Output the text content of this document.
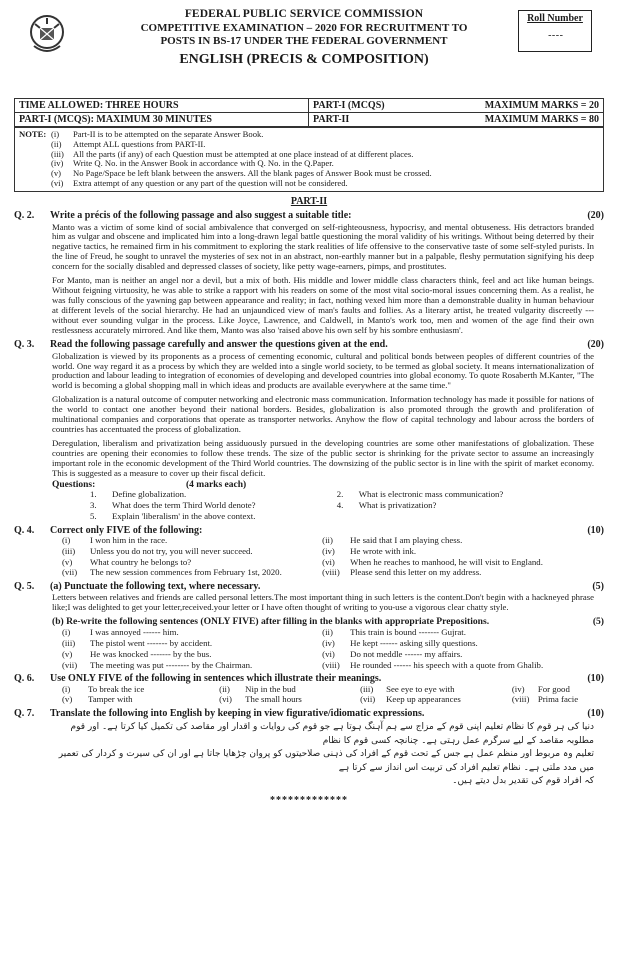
FEDERAL PUBLIC SERVICE COMMISSION
COMPETITIVE EXAMINATION – 2020 FOR RECRUITMENT TO
POSTS IN BS-17 UNDER THE FEDERAL GOVERNMENT
ENGLISH (PRECIS & COMPOSITION)
Roll Number
- - - -
TIME ALLOWED: THREE HOURS	PART-I (MCQS)	MAXIMUM MARKS = 20
PART-I (MCQS): MAXIMUM 30 MINUTES	PART-II	MAXIMUM MARKS = 80
NOTE: (i)	Part-II is to be attempted on the separate Answer Book.
(ii)	Attempt ALL questions from PART-II.
(iii)	All the parts (if any) of each Question must be attempted at one place instead of at different places.
(iv)	Write Q. No. in the Answer Book in accordance with Q. No. in the Q.Paper.
(v)	No Page/Space be left blank between the answers. All the blank pages of Answer Book must be crossed.
(vi)	Extra attempt of any question or any part of the question will not be considered.
PART-II
Q. 2.	Write a précis of the following passage and also suggest a suitable title:	(20)

Manto was a victim of some kind of social ambivalence that converged on self-righteousness, hypocrisy, and mental obtuseness. His detractors branded him as vulgar and obscene and implicated him into a long-drawn legal battle questioning the moral validity of his writings. Without being deterred by their negative tactics, he remained firm in his commitment to exploring the stark realities of life offensive to the conservative taste of some self-styled purists. In the line of Freud, he sought to unravel the mysteries of sex not in an abstract, non-earthly manner but in a palpable, fleshy permutation signifying his deep concern for the socially disabled and depressed classes of society, like petty wage-earners, pimps, and prostitutes.

For Manto, man is neither an angel nor a devil, but a mix of both. His middle and lower middle class characters think, feel and act like human beings. Without feigning virtuosity, he was able to strike a rapport with his readers on some of the most vital socio-moral issues concerning them. As a realist, he was fully conscious of the yawning gap between appearance and reality; in fact, nothing vexed him more than a demonstrable duality in human behaviour at different levels of the social hierarchy. He had an unjaundiced view of man's faults and follies. As a literary artist, he treated vulgarity discreetly --- without ever sounding vulgar in the process. Like Joyce, Lawrence, and Caldwell, in Manto's work too, men and women of the age find their own restlessness accurately mirrored. And like them, Manto was also 'raised above his own self by his sombre enthusiasm'.

Q. 3.	Read the following passage carefully and answer the questions given at the end.	(20)

Globalization is viewed by its proponents as a process of cementing economic, cultural and political bonds between peoples of different countries of the world. One way regard it as a process by which they are welded into a single world society, to be termed as global society. It means internationalization of production and labour leading to integration of economies of developing and developed countries into global economy. To quote Rosaberth M.Kanter, "The world is becoming a global shopping mall in which ideas and products are available everywhere at the same time."

Globalization is a natural outcome of computer networking and electronic mass communication. Information technology has made it possible for nations of the world to contact one another beyond their national borders. Besides, globalization is also promoted through the growth and proliferation of multinational companies and corporations that operate as transporter networks. Anyhow the flow of capital technology and labour across the borders of countries has accentuated the process of globalization.

Deregulation, liberalism and privatization being assiduously pursued in the developing countries are some other manifestations of globalization. These countries are opening their economies to follow these trends. The size of the public sector is shrinking for the private sector to assume an increasingly important role in the economic development of the Third World countries. The downsizing of the public sector is in line with the spirit of market economy. This is suggested as a measure to cover up their fiscal deficit.

Questions:	(4 marks each)
1.	Define globalization.	2.	What is electronic mass communication?
3.	What does the term Third World denote?	4.	What is privatization?
5.	Explain 'liberalism' in the above context.
Q. 4.	Correct only FIVE of the following:	(10)
(i)	I won him in the race.	(ii)	He said that I am playing chess.
(iii)	Unless you do not try, you will never succeed.	(iv)	He wrote with ink.
(v)	What country he belongs to?	(vi)	When he reaches to manhood, he will visit to England.
(vii)	The new session commences from February 1st, 2020.	(viii)	Please send this letter on my address.
Q. 5.	(a) Punctuate the following text, where necessary.	(5)

Letters between relatives and friends are called personal letters.The most important thing in such letters is the content.Don't begin with a hackneyed phrase like;I was delighted to get your letter,received.your letter or I have often thought of writing to you-use a vigorous clear chatty style.

(b) Re-write the following sentences (ONLY FIVE) after filling in the blanks with appropriate Prepositions.	(5)
(i)	I was annoyed ------ him.	(ii)	This train is bound ------- Gujrat.
(iii)	The pistol went ------- by accident.	(iv)	He kept ------ asking silly questions.
(v)	He was knocked ------- by the bus.	(vi)	Do not meddle ------ my affairs.
(vii)	The meeting was put -------- by the Chairman.	(viii)	He rounded ------ his speech with a quote from Ghalib.
Q. 6.	Use ONLY FIVE of the following in sentences which illustrate their meanings.	(10)
(i)	To break the ice	(ii)	Nip in the bud	(iii)	See eye to eye with	(iv)	For good
(v)	Tamper with	(vi)	The small hours	(vii)	Keep up appearances	(viii) Prima facie
Q. 7.	Translate the following into English by keeping in view figurative/idiomatic expressions.	(10)
دنیا کی ہر قوم کا نظام تعلیم اپنی قوم کے مزاج سے ہم آہنگ ہوتا ہے جو قوم کی روایات و اقدار اور مقاصد کی تکمیل کیا کرتا ہے۔ اور قوم مطلوبہ مقاصد کے لیے سرگرم عمل رہتی ہے۔ چنانچہ کسی قوم کا نظام
تعلیم وہ مربوط اور منظم عمل ہے جس کے تحت قوم کے افراد کی ذہنی صلاحیتوں کو پروان چڑھایا جاتا ہے اور ان کی سیرت و کردار کی تعمیر میں مدد ملتی ہے۔ نظام تعلیم افراد کی تربیت اس انداز سے کرتا ہے
کہ افراد قوم کی تقدیر بدل دیتے ہیں۔
*************
